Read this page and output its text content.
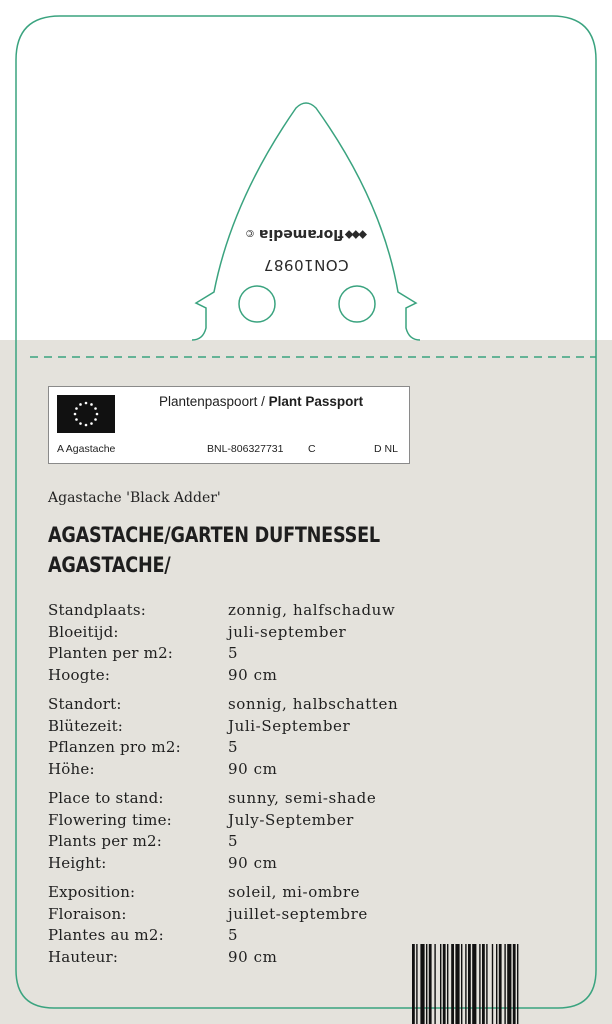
⯁⯁⯁floramedia©
CON10987
Plantenpaspoort / Plant Passport
A Agastache	BNL-806327731 C	D NL
Agastache 'Black Adder'
AGASTACHE/GARTEN DUFTNESSEL
AGASTACHE/
Standplaats:	zonnig, halfschaduw
Bloeitijd:	juli-september
Planten per m2:	5
Hoogte:	90 cm
Standort:	sonnig, halbschatten
Blütezeit:	Juli-September
Pflanzen pro m2:	5
Höhe:	90 cm
Place to stand:	sunny, semi-shade
Flowering time:	July-September
Plants per m2:	5
Height:	90 cm
Exposition:	soleil, mi-ombre
Floraison:	juillet-septembre
Plantes au m2:	5
Hauteur:	90 cm
